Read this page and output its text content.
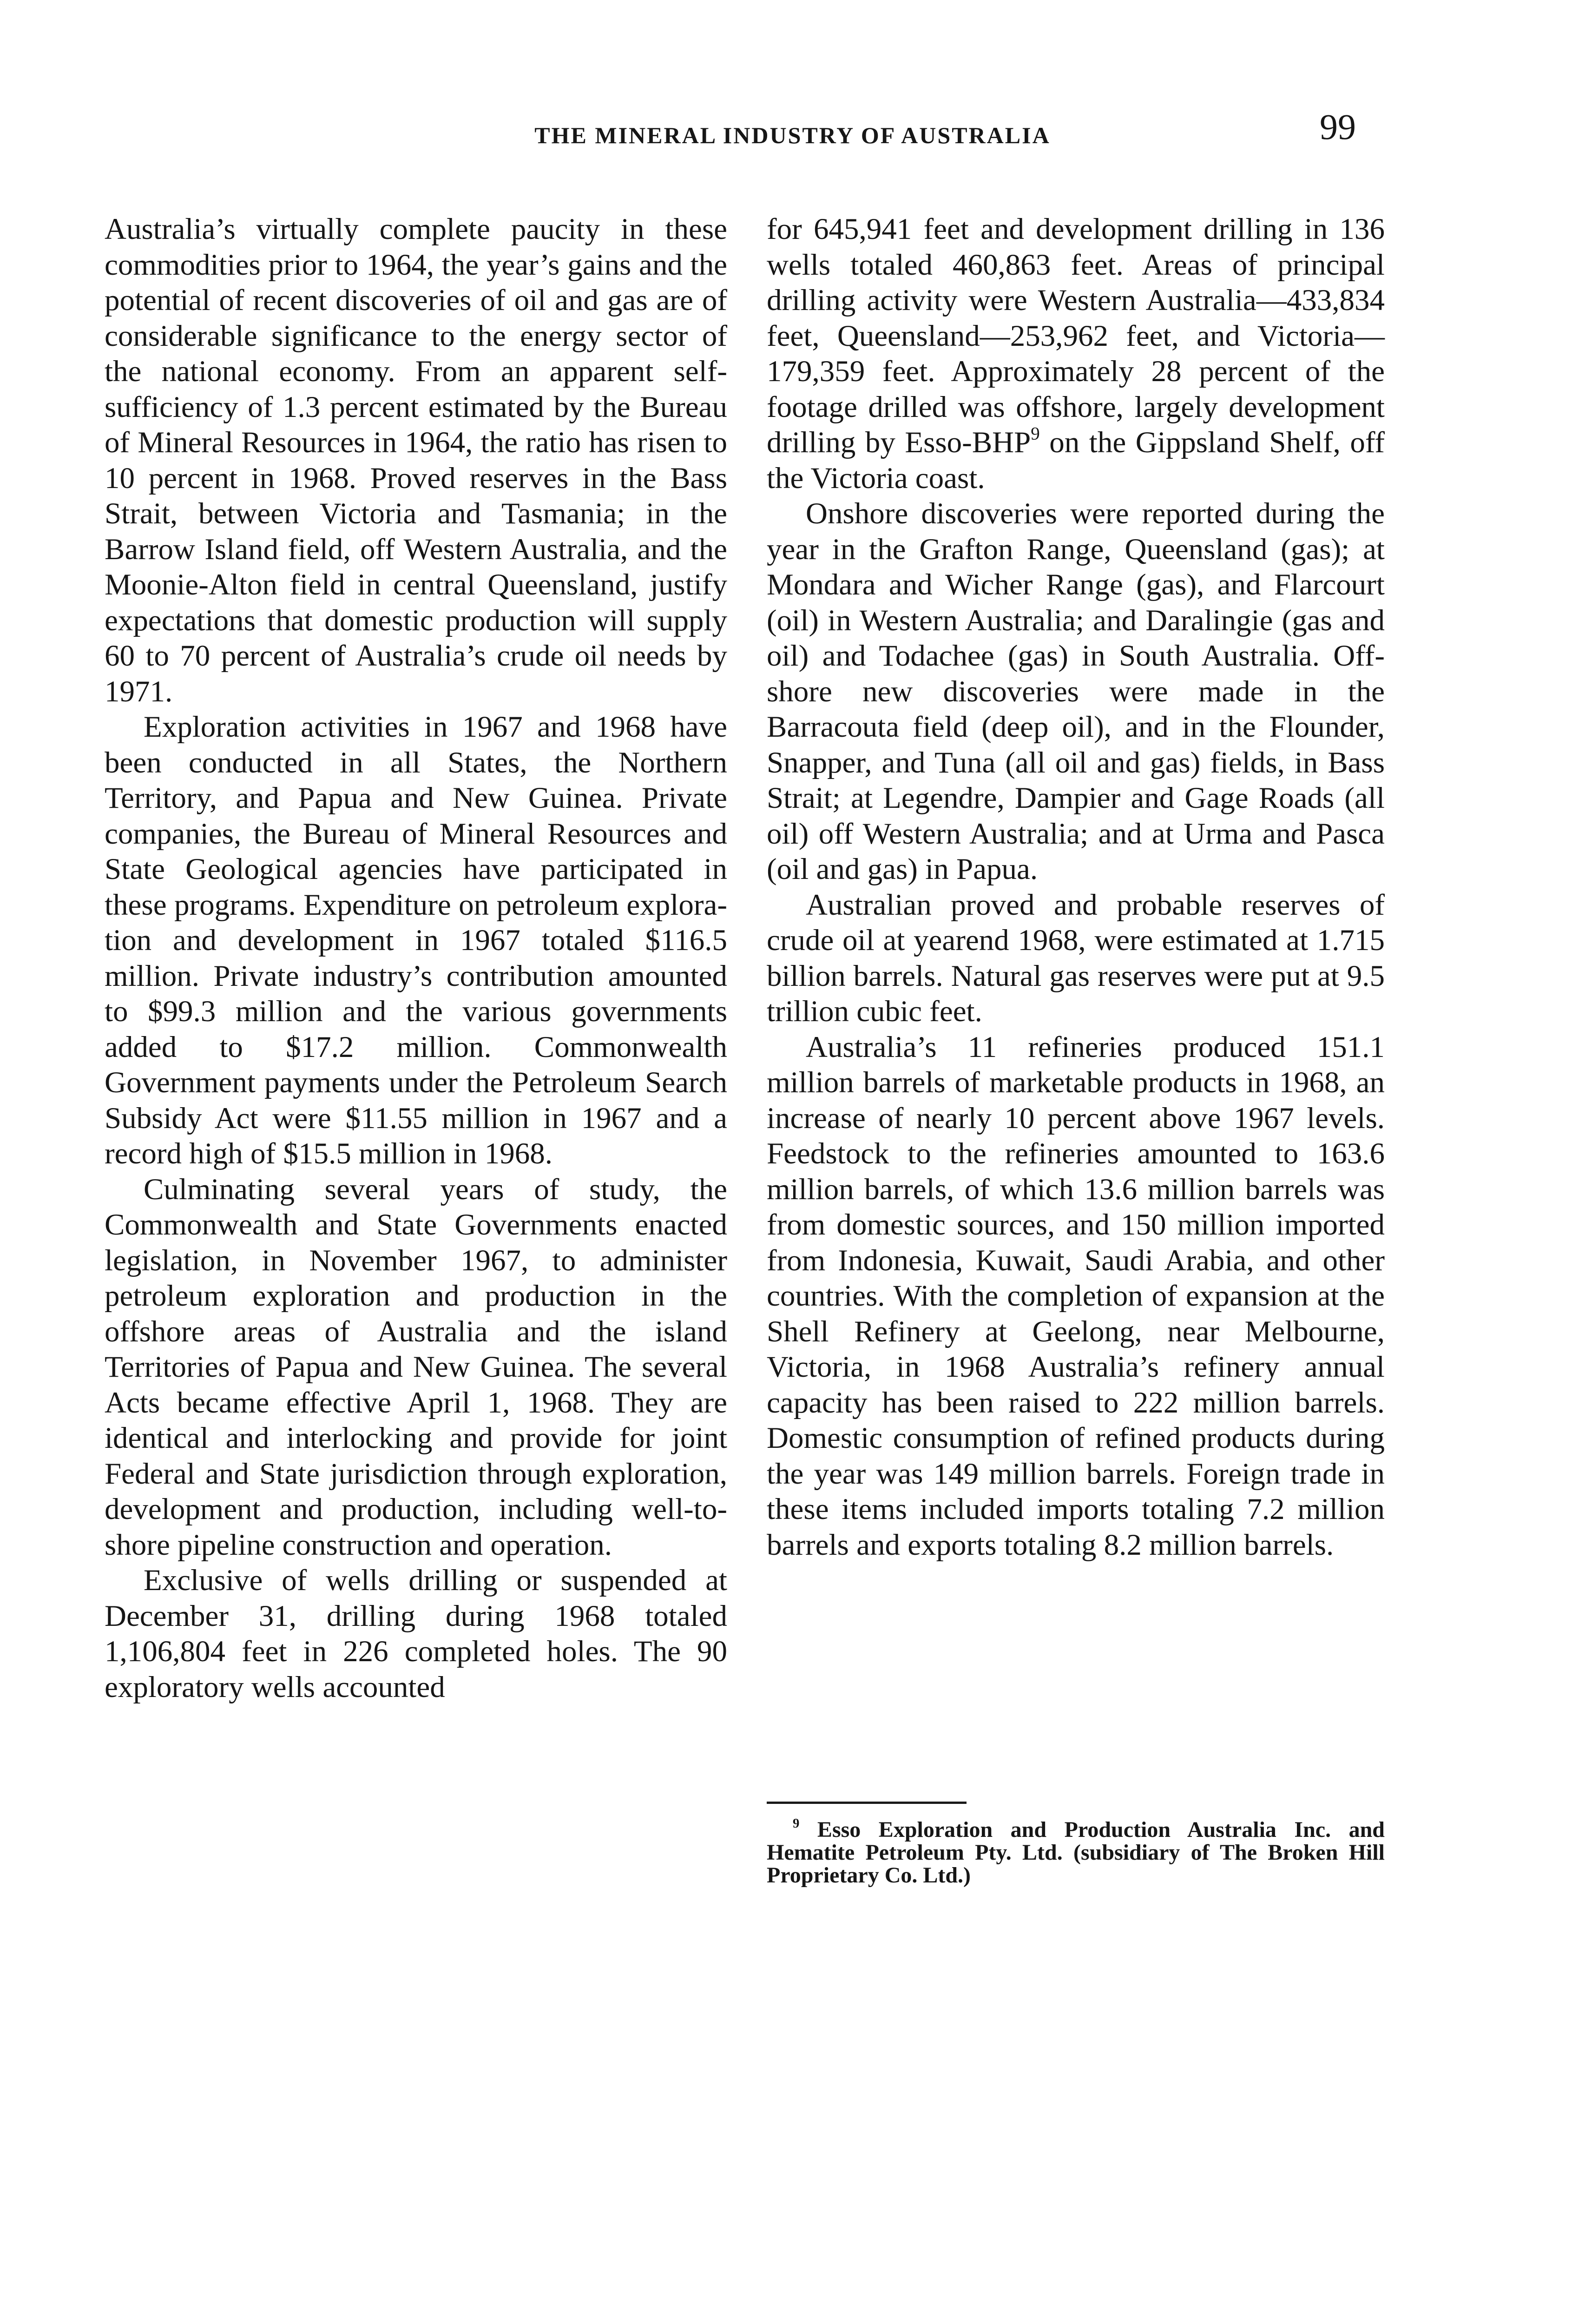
THE MINERAL INDUSTRY OF AUSTRALIA	99

Australia’s virtually complete paucity in these commodities prior to 1964, the year’s gains and the potential of recent discoveries of oil and gas are of considerable significance to the energy sector of the national economy. From an apparent self-sufficiency of 1.3 percent estimated by the Bureau of Mineral Resources in 1964, the ratio has risen to 10 percent in 1968. Proved reserves in the Bass Strait, between Victoria and Tasmania; in the Barrow Island field, off Western Australia, and the Moonie-Alton field in central Queensland, justify expectations that domestic production will supply 60 to 70 percent of Australia’s crude oil needs by 1971.

Exploration activities in 1967 and 1968 have been conducted in all States, the Northern Territory, and Papua and New Guinea. Private companies, the Bureau of Mineral Resources and State Geological agencies have participated in these programs. Expenditure on petroleum exploration and development in 1967 totaled $116.5 million. Private industry’s contribution amounted to $99.3 million and the various governments added to $17.2 million. Commonwealth Government payments under the Petroleum Search Subsidy Act were $11.55 million in 1967 and a record high of $15.5 million in 1968.

Culminating several years of study, the Commonwealth and State Governments enacted legislation, in November 1967, to administer petroleum exploration and production in the offshore areas of Australia and the island Territories of Papua and New Guinea. The several Acts became effective April 1, 1968. They are identical and interlocking and provide for joint Federal and State jurisdiction through exploration, development and production, including well-to-shore pipeline construction and operation.

Exclusive of wells drilling or suspended at December 31, drilling during 1968 totaled 1,106,804 feet in 226 completed holes. The 90 exploratory wells accounted

for 645,941 feet and development drilling in 136 wells totaled 460,863 feet. Areas of principal drilling activity were Western Australia—433,834 feet, Queensland—253,962 feet, and Victoria—179,359 feet. Approximately 28 percent of the footage drilled was offshore, largely development drilling by Esso-BHP$^9$ on the Gippsland Shelf, off the Victoria coast.

Onshore discoveries were reported during the year in the Grafton Range, Queensland (gas); at Mondara and Wicher Range (gas), and Flarcourt (oil) in Western Australia; and Daralingie (gas and oil) and Todachee (gas) in South Australia. Offshore new discoveries were made in the Barracouta field (deep oil), and in the Flounder, Snapper, and Tuna (all oil and gas) fields, in Bass Strait; at Legendre, Dampier and Gage Roads (all oil) off Western Australia; and at Urma and Pasca (oil and gas) in Papua.

Australian proved and probable reserves of crude oil at yearend 1968, were estimated at 1.715 billion barrels. Natural gas reserves were put at 9.5 trillion cubic feet.

Australia’s 11 refineries produced 151.1 million barrels of marketable products in 1968, an increase of nearly 10 percent above 1967 levels. Feedstock to the refineries amounted to 163.6 million barrels, of which 13.6 million barrels was from domestic sources, and 150 million imported from Indonesia, Kuwait, Saudi Arabia, and other countries. With the completion of expansion at the Shell Refinery at Geelong, near Melbourne, Victoria, in 1968 Australia’s refinery annual capacity has been raised to 222 million barrels. Domestic consumption of refined products during the year was 149 million barrels. Foreign trade in these items included imports totaling 7.2 million barrels and exports totaling 8.2 million barrels.

$^9$ Esso Exploration and Production Australia Inc. and Hematite Petroleum Pty. Ltd. (subsidiary of The Broken Hill Proprietary Co. Ltd.)
